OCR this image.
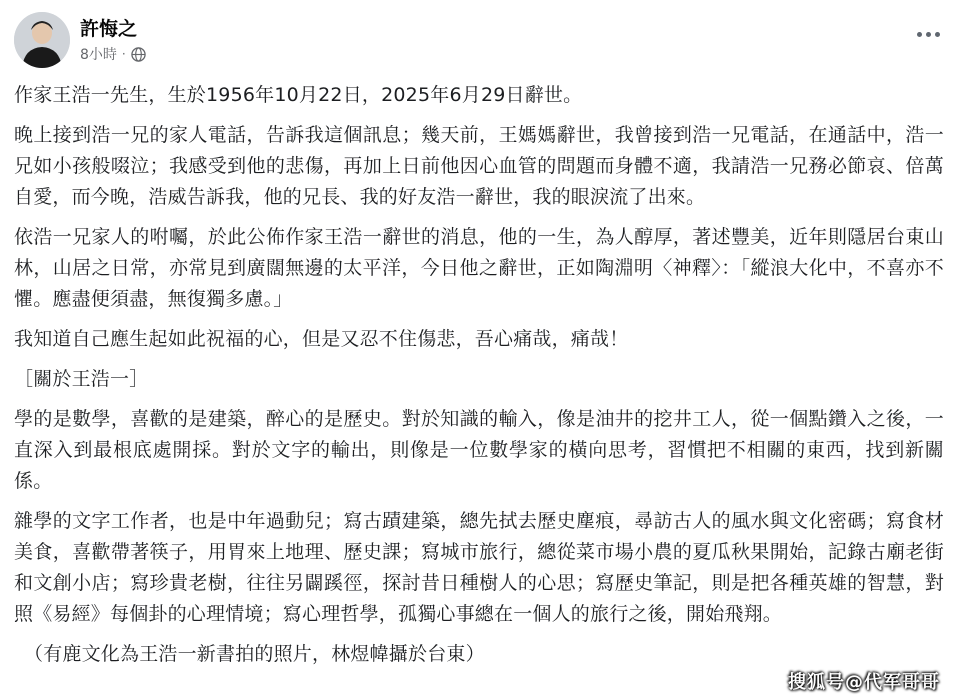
許悔之
8小時 ·

作家王浩一先生，生於1956年10月22日，2025年6月29日辭世。

晚上接到浩一兄的家人電話，告訴我這個訊息；幾天前，王媽媽辭世，我曾接到浩一兄電話，在通話中，浩一兄如小孩般啜泣；我感受到他的悲傷，再加上日前他因心血管的問題而身體不適，我請浩一兄務必節哀、倍萬自愛，而今晚，浩威告訴我，他的兄長、我的好友浩一辭世，我的眼淚流了出來。

依浩一兄家人的咐囑，於此公佈作家王浩一辭世的消息，他的一生，為人醇厚，著述豐美，近年則隱居台東山林，山居之日常，亦常見到廣闊無邊的太平洋，今日他之辭世，正如陶淵明〈神釋〉：「縱浪大化中，不喜亦不懼。應盡便須盡，無復獨多慮。」

我知道自己應生起如此祝福的心，但是又忍不住傷悲，吾心痛哉，痛哉！

［關於王浩一］

學的是數學，喜歡的是建築，醉心的是歷史。對於知識的輸入，像是油井的挖井工人，從一個點鑽入之後，一直深入到最根底處開採。對於文字的輸出，則像是一位數學家的橫向思考，習慣把不相關的東西，找到新關係。

雜學的文字工作者，也是中年過動兒；寫古蹟建築，總先拭去歷史塵痕，尋訪古人的風水與文化密碼；寫食材美食，喜歡帶著筷子，用胃來上地理、歷史課；寫城市旅行，總從菜市場小農的夏瓜秋果開始，記錄古廟老街和文創小店；寫珍貴老樹，往往另闢蹊徑，探討昔日種樹人的心思；寫歷史筆記，則是把各種英雄的智慧，對照《易經》每個卦的心理情境；寫心理哲學，孤獨心事總在一個人的旅行之後，開始飛翔。

（有鹿文化為王浩一新書拍的照片，林煜幃攝於台東）

搜狐号@代军哥哥
